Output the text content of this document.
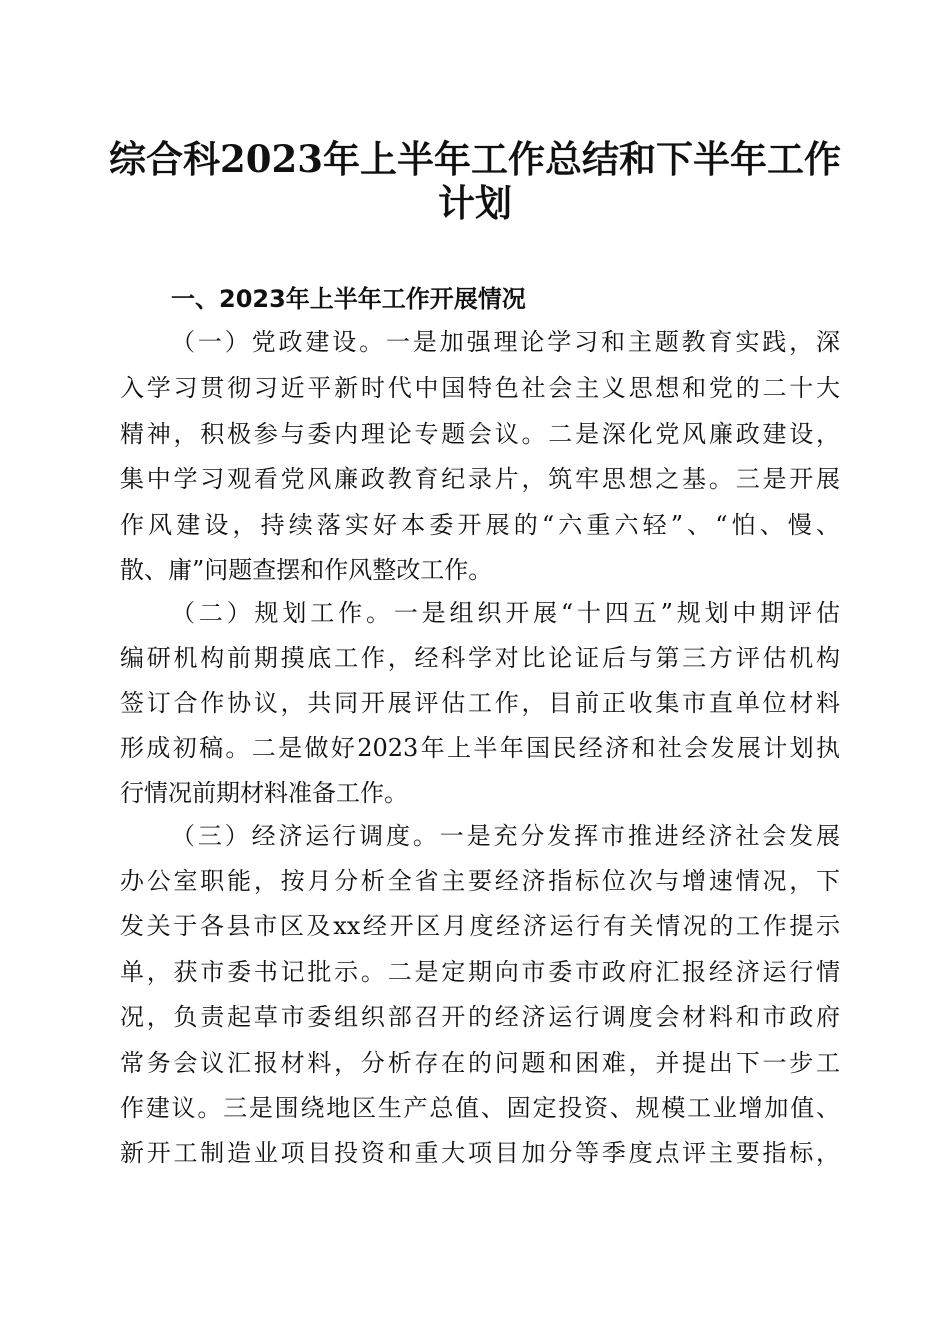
综合科2023年上半年工作总结和下半年工作
计划
一、2023年上半年工作开展情况
（一）党政建设。一是加强理论学习和主题教育实践，深
入学习贯彻习近平新时代中国特色社会主义思想和党的二十大
精神，积极参与委内理论专题会议。二是深化党风廉政建设，
集中学习观看党风廉政教育纪录片，筑牢思想之基。三是开展
作风建设，持续落实好本委开展的“六重六轻”、“怕、慢、
散、庸”问题查摆和作风整改工作。
（二）规划工作。一是组织开展“十四五”规划中期评估
编研机构前期摸底工作，经科学对比论证后与第三方评估机构
签订合作协议，共同开展评估工作，目前正收集市直单位材料
形成初稿。二是做好2023年上半年国民经济和社会发展计划执
行情况前期材料准备工作。
（三）经济运行调度。一是充分发挥市推进经济社会发展
办公室职能，按月分析全省主要经济指标位次与增速情况，下
发关于各县市区及xx经开区月度经济运行有关情况的工作提示
单，获市委书记批示。二是定期向市委市政府汇报经济运行情
况，负责起草市委组织部召开的经济运行调度会材料和市政府
常务会议汇报材料，分析存在的问题和困难，并提出下一步工
作建议。三是围绕地区生产总值、固定投资、规模工业增加值、
新开工制造业项目投资和重大项目加分等季度点评主要指标，
